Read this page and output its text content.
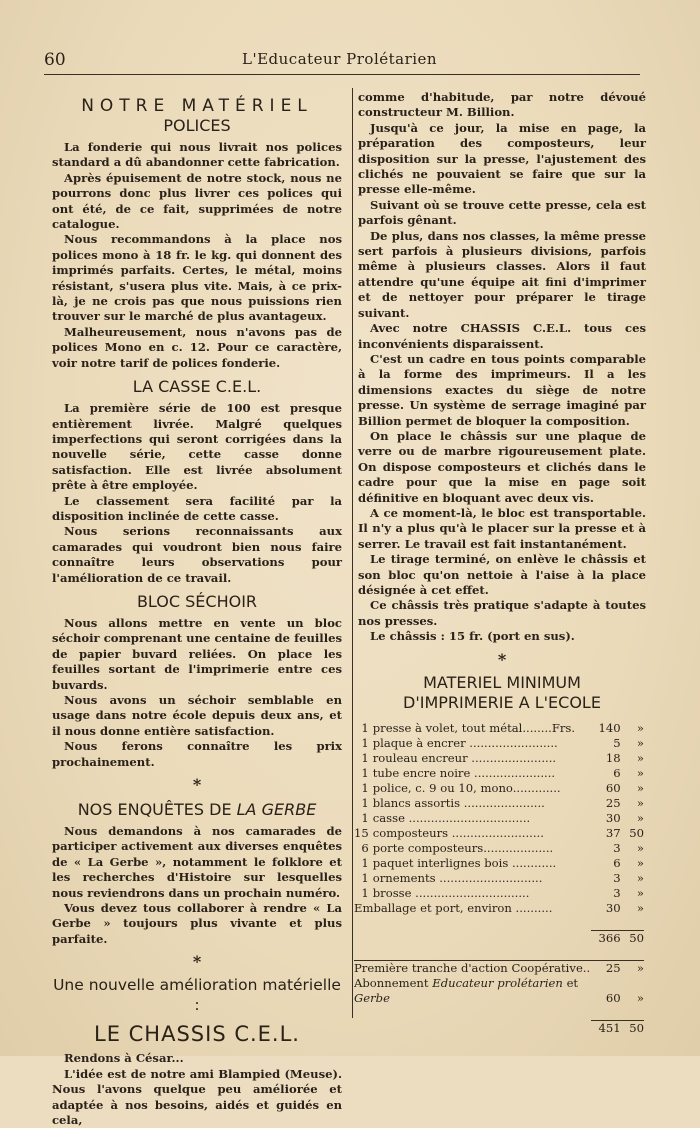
60	L'Educateur Prolétarien
NOTRE MATÉRIEL
POLICES

La fonderie qui nous livrait nos polices standard a dû abandonner cette fabrication.

Après épuisement de notre stock, nous ne pourrons donc plus livrer ces polices qui ont été, de ce fait, supprimées de notre catalogue.

Nous recommandons à la place nos polices mono à 18 fr. le kg. qui donnent des imprimés parfaits. Certes, le métal, moins résistant, s'usera plus vite. Mais, à ce prix-là, je ne crois pas que nous puissions rien trouver sur le marché de plus avantageux.

Malheureusement, nous n'avons pas de polices Mono en c. 12. Pour ce caractère, voir notre tarif de polices fonderie.

LA CASSE C.E.L.

La première série de 100 est presque entièrement livrée. Malgré quelques imperfections qui seront corrigées dans la nouvelle série, cette casse donne satisfaction. Elle est livrée absolument prête à être employée.

Le classement sera facilité par la disposition inclinée de cette casse.

Nous serions reconnaissants aux camarades qui voudront bien nous faire connaître leurs observations pour l'amélioration de ce travail.

BLOC SÉCHOIR

Nous allons mettre en vente un bloc séchoir comprenant une centaine de feuilles de papier buvard reliées. On place les feuilles sortant de l'imprimerie entre ces buvards.

Nous avons un séchoir semblable en usage dans notre école depuis deux ans, et il nous donne entière satisfaction.

Nous ferons connaître les prix prochainement.

*
NOS ENQUÊTES DE LA GERBE

Nous demandons à nos camarades de participer activement aux diverses enquêtes de « La Gerbe », notamment le folklore et les recherches d'Histoire sur lesquelles nous reviendrons dans un prochain numéro.

Vous devez tous collaborer à rendre « La Gerbe » toujours plus vivante et plus parfaite.

*
Une nouvelle amélioration matérielle :
LE CHASSIS C.E.L.

Rendons à César...

L'idée est de notre ami Blampied (Meuse). Nous l'avons quelque peu améliorée et adaptée à nos besoins, aidés et guidés en cela,

comme d'habitude, par notre dévoué constructeur M. Billion.

Jusqu'à ce jour, la mise en page, la préparation des composteurs, leur disposition sur la presse, l'ajustement des clichés ne pouvaient se faire que sur la presse elle-même.

Suivant où se trouve cette presse, cela est parfois gênant.

De plus, dans nos classes, la même presse sert parfois à plusieurs divisions, parfois même à plusieurs classes. Alors il faut attendre qu'une équipe ait fini d'imprimer et de nettoyer pour préparer le tirage suivant.

Avec notre CHASSIS C.E.L. tous ces inconvénients disparaissent.

C'est un cadre en tous points comparable à la forme des imprimeurs. Il a les dimensions exactes du siège de notre presse. Un système de serrage imaginé par Billion permet de bloquer la composition.

On place le châssis sur une plaque de verre ou de marbre rigoureusement plate. On dispose composteurs et clichés dans le cadre pour que la mise en page soit définitive en bloquant avec deux vis.

A ce moment-là, le bloc est transportable. Il n'y a plus qu'à le placer sur la presse et à serrer. Le travail est fait instantanément.

Le tirage terminé, on enlève le châssis et son bloc qu'on nettoie à l'aise à la place désignée à cet effet.

Ce châssis très pratique s'adapte à toutes nos presses.

Le châssis : 15 fr. (port en sus).

*
MATERIEL MINIMUM
D'IMPRIMERIE A L'ECOLE
1	presse à volet, tout métal........Frs.	140	»
1	plaque à encrer ........................	5	»
1	rouleau encreur .......................	18	»
1	tube encre noire ......................	6	»
1	police, c. 9 ou 10, mono.............	60	»
1	blancs assortis ......................	25	»
1	casse .................................	30	»
15	composteurs .........................	37	50
6	porte composteurs...................	3	»
1	paquet interlignes bois ............	6	»
1	ornements ............................	3	»
1	brosse ...............................	3	»
Emballage et port, environ ..........		30	»

		366	50

Première tranche d'action Coopérative..		25	»
Abonnement Educateur prolétarien et
Gerbe		60	»

		451	50
